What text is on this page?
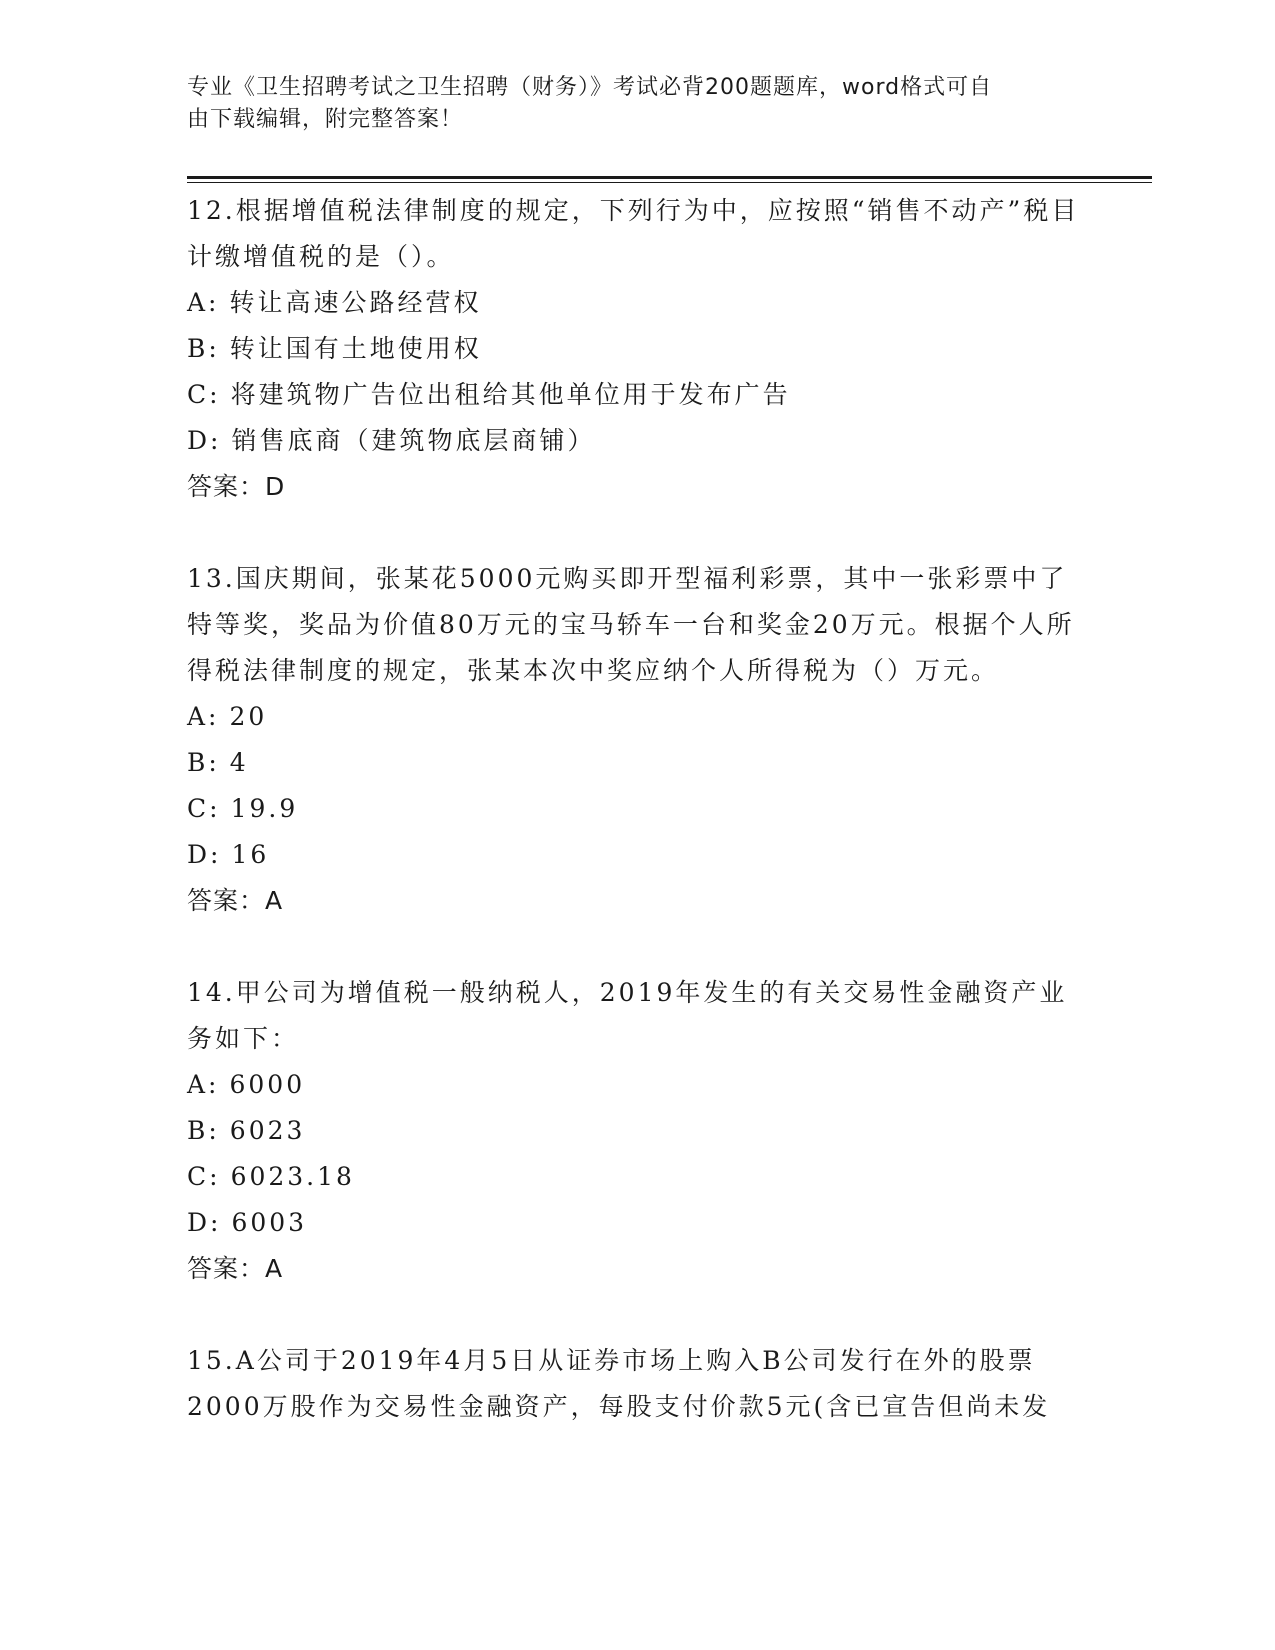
专业《卫生招聘考试之卫生招聘（财务）》考试必背200题题库，word格式可自
由下载编辑，附完整答案！

12.根据增值税法律制度的规定，下列行为中，应按照“销售不动产”税目计缴增值税的是（）。

A: 转让高速公路经营权

B: 转让国有土地使用权

C: 将建筑物广告位出租给其他单位用于发布广告

D: 销售底商（建筑物底层商铺）

答案：D

13.国庆期间，张某花5000元购买即开型福利彩票，其中一张彩票中了特等奖，奖品为价值80万元的宝马轿车一台和奖金20万元。根据个人所得税法律制度的规定，张某本次中奖应纳个人所得税为（）万元。

A: 20

B: 4

C: 19.9

D: 16

答案：A

14.甲公司为增值税一般纳税人，2019年发生的有关交易性金融资产业务如下：

A: 6000

B: 6023

C: 6023.18

D: 6003

答案：A

15.A公司于2019年4月5日从证券市场上购入B公司发行在外的股票2000万股作为交易性金融资产，每股支付价款5元(含已宣告但尚未发
